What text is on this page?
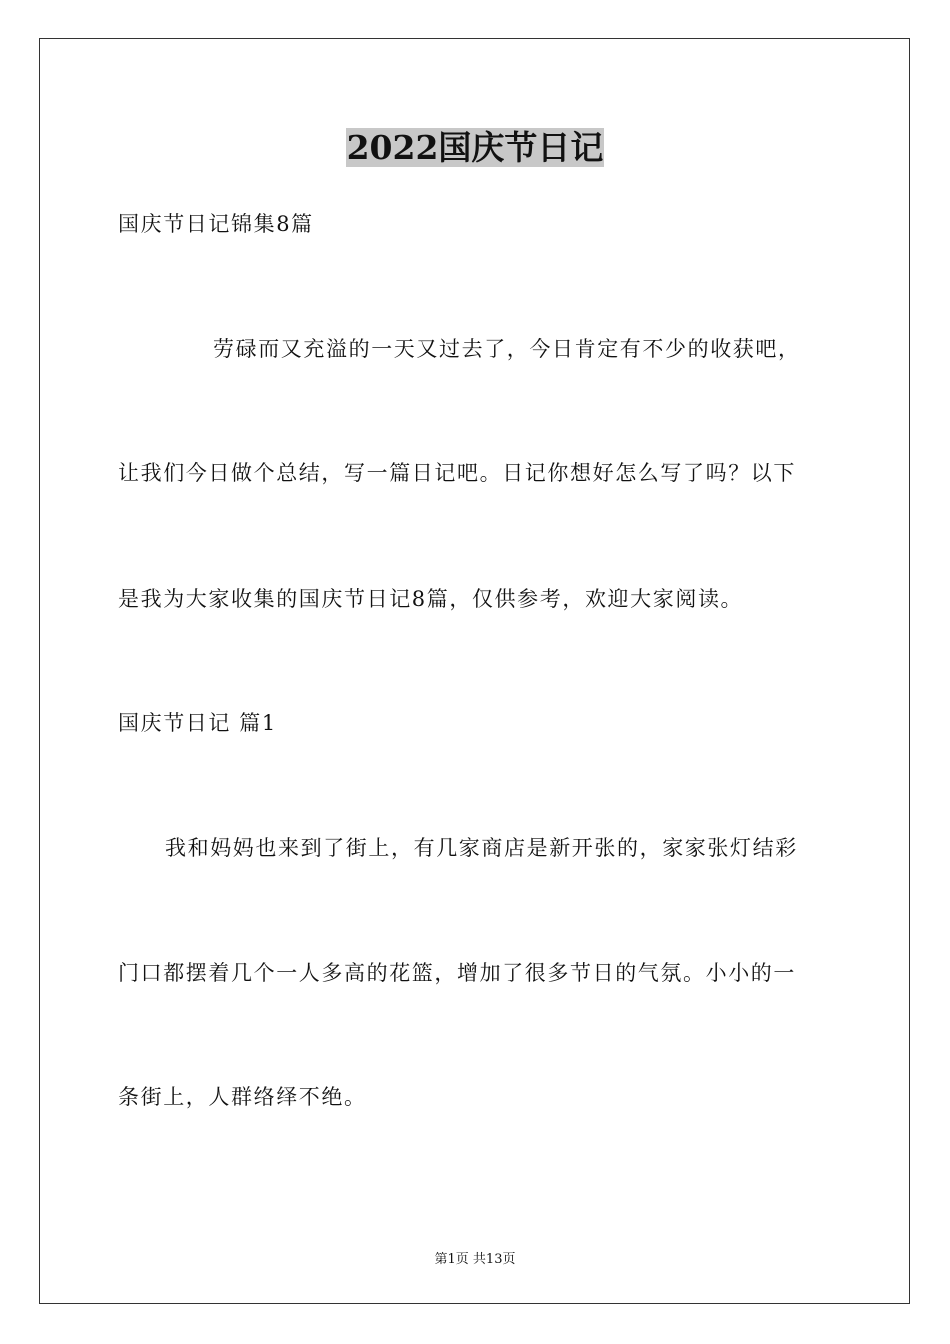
2022国庆节日记
国庆节日记锦集8篇
劳碌而又充溢的一天又过去了，今日肯定有不少的收获吧，
让我们今日做个总结，写一篇日记吧。日记你想好怎么写了吗？以下
是我为大家收集的国庆节日记8篇，仅供参考，欢迎大家阅读。
国庆节日记 篇1
我和妈妈也来到了街上，有几家商店是新开张的，家家张灯结彩
门口都摆着几个一人多高的花篮，增加了很多节日的气氛。小小的一
条街上，人群络绎不绝。
第1页 共13页
